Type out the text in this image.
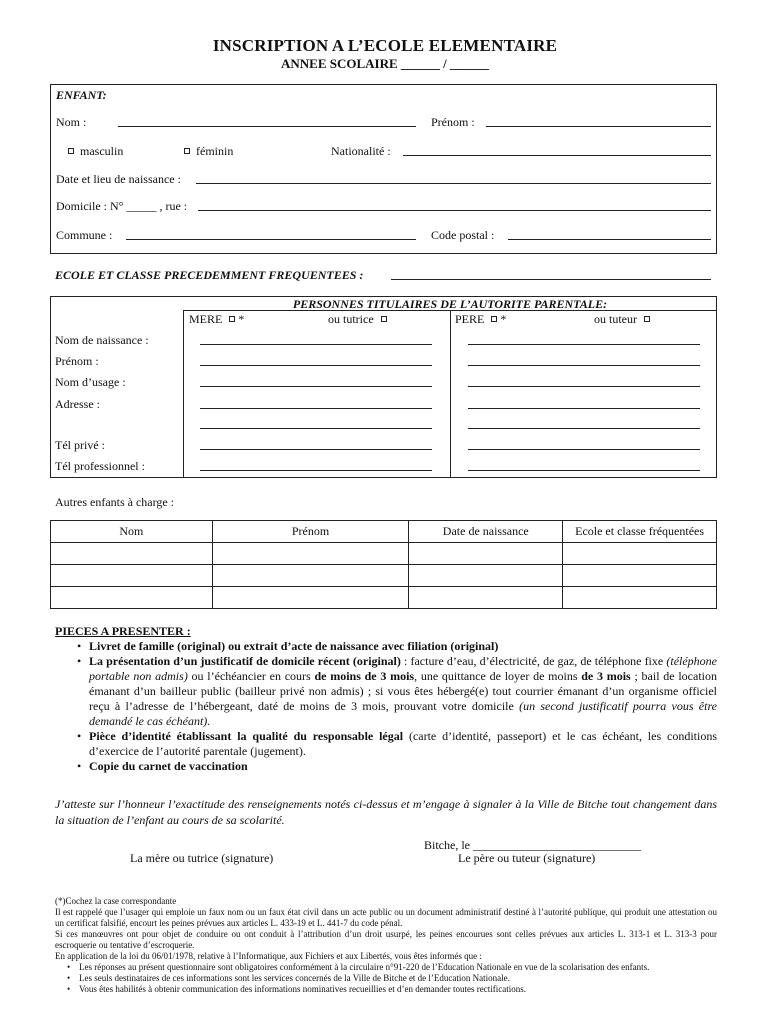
INSCRIPTION A L’ECOLE ELEMENTAIRE
ANNEE SCOLAIRE ______ / ______
ENFANT:
Nom :	Prénom :
masculin	féminin	Nationalité :
Date et lieu de naissance :
Domicile : N° _____ , rue :
Commune :	Code postal :
ECOLE ET CLASSE PRECEDEMMENT FREQUENTEES :
PERSONNES TITULAIRES DE L’AUTORITE PARENTALE:
MERE *	ou tutrice	PERE *	ou tuteur
Nom de naissance :
Prénom :
Nom d’usage :
Adresse :
Tél privé :
Tél professionnel :
Autres enfants à charge :
Nom	Prénom	Date de naissance	Ecole et classe fréquentées

PIECES A PRESENTER :
• Livret de famille (original) ou extrait d’acte de naissance avec filiation (original)
• La présentation d’un justificatif de domicile récent (original) : facture d’eau, d’électricité, de gaz, de téléphone fixe (téléphone portable non admis) ou l’échéancier en cours de moins de 3 mois, une quittance de loyer de moins de 3 mois ; bail de location émanant d’un bailleur public (bailleur privé non admis) ; si vous êtes hébergé(e) tout courrier émanant d’un organisme officiel reçu à l’adresse de l’hébergeant, daté de moins de 3 mois, prouvant votre domicile (un second justificatif pourra vous être demandé le cas échéant).
• Pièce d’identité établissant la qualité du responsable légal (carte d’identité, passeport) et le cas échéant, les conditions d’exercice de l’autorité parentale (jugement).
• Copie du carnet de vaccination
J’atteste sur l’honneur l’exactitude des renseignements notés ci-dessus et m’engage à signaler à la Ville de Bitche tout changement dans la situation de l’enfant au cours de sa scolarité.
Bitche, le ____________________________
La mère ou tutrice (signature)	Le père ou tuteur (signature)
(*)Cochez la case correspondante
Il est rappelé que l’usager qui emploie un faux nom ou un faux état civil dans un acte public ou un document administratif destiné à l’autorité publique, qui produit une attestation ou un certificat falsifié, encourt les peines prévues aux articles L. 433-19 et L. 441-7 du code pénal.
Si ces manœuvres ont pour objet de conduire ou ont conduit à l’attribution d’un droit usurpé, les peines encourues sont celles prévues aux articles L. 313-1 et L. 313-3 pour escroquerie ou tentative d’escroquerie.
En application de la loi du 06/01/1978, relative à l’Informatique, aux Fichiers et aux Libertés, vous êtes informés que :
• Les réponses au présent questionnaire sont obligatoires conformément à la circulaire n°91-220 de l’Education Nationale en vue de la scolarisation des enfants.
• Les seuls destinataires de ces informations sont les services concernés de la Ville de Bitche et de l’Education Nationale.
• Vous êtes habilités à obtenir communication des informations nominatives recueillies et d’en demander toutes rectifications.
